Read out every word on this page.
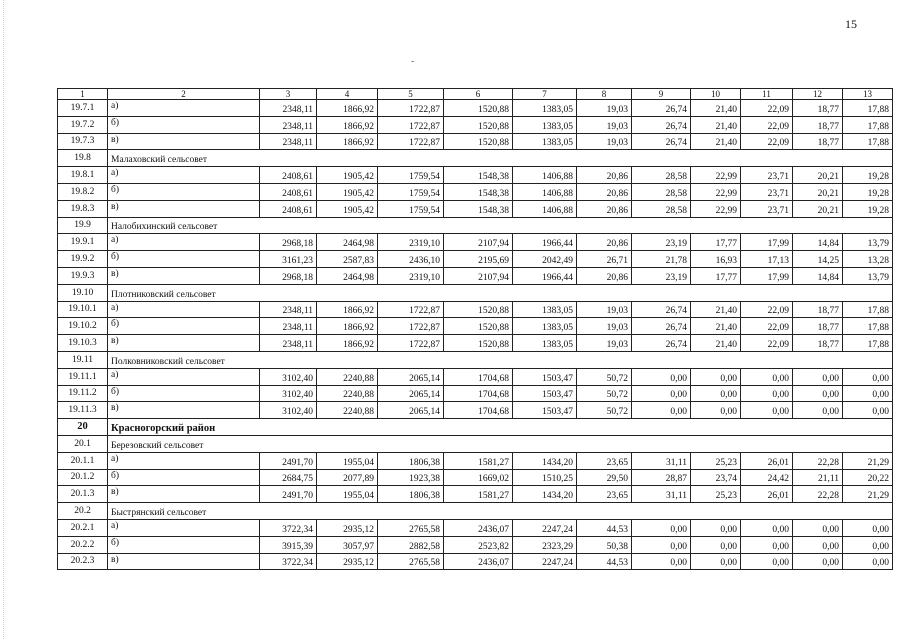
15
-
1	2	3	4	5	6	7	8	9	10	11	12	13
19.7.1	а)	2348,11	1866,92	1722,87	1520,88	1383,05	19,03	26,74	21,40	22,09	18,77	17,88
19.7.2	б)	2348,11	1866,92	1722,87	1520,88	1383,05	19,03	26,74	21,40	22,09	18,77	17,88
19.7.3	в)	2348,11	1866,92	1722,87	1520,88	1383,05	19,03	26,74	21,40	22,09	18,77	17,88
19.8	Малаховский сельсовет											
19.8.1	а)	2408,61	1905,42	1759,54	1548,38	1406,88	20,86	28,58	22,99	23,71	20,21	19,28
19.8.2	б)	2408,61	1905,42	1759,54	1548,38	1406,88	20,86	28,58	22,99	23,71	20,21	19,28
19.8.3	в)	2408,61	1905,42	1759,54	1548,38	1406,88	20,86	28,58	22,99	23,71	20,21	19,28
19.9	Налобихинский сельсовет											
19.9.1	а)	2968,18	2464,98	2319,10	2107,94	1966,44	20,86	23,19	17,77	17,99	14,84	13,79
19.9.2	б)	3161,23	2587,83	2436,10	2195,69	2042,49	26,71	21,78	16,93	17,13	14,25	13,28
19.9.3	в)	2968,18	2464,98	2319,10	2107,94	1966,44	20,86	23,19	17,77	17,99	14,84	13,79
19.10	Плотниковский сельсовет											
19.10.1	а)	2348,11	1866,92	1722,87	1520,88	1383,05	19,03	26,74	21,40	22,09	18,77	17,88
19.10.2	б)	2348,11	1866,92	1722,87	1520,88	1383,05	19,03	26,74	21,40	22,09	18,77	17,88
19.10.3	в)	2348,11	1866,92	1722,87	1520,88	1383,05	19,03	26,74	21,40	22,09	18,77	17,88
19.11	Полковниковский сельсовет											
19.11.1	а)	3102,40	2240,88	2065,14	1704,68	1503,47	50,72	0,00	0,00	0,00	0,00	0,00
19.11.2	б)	3102,40	2240,88	2065,14	1704,68	1503,47	50,72	0,00	0,00	0,00	0,00	0,00
19.11.3	в)	3102,40	2240,88	2065,14	1704,68	1503,47	50,72	0,00	0,00	0,00	0,00	0,00
20	Красногорский район											
20.1	Березовский сельсовет											
20.1.1	а)	2491,70	1955,04	1806,38	1581,27	1434,20	23,65	31,11	25,23	26,01	22,28	21,29
20.1.2	б)	2684,75	2077,89	1923,38	1669,02	1510,25	29,50	28,87	23,74	24,42	21,11	20,22
20.1.3	в)	2491,70	1955,04	1806,38	1581,27	1434,20	23,65	31,11	25,23	26,01	22,28	21,29
20.2	Быстрянский сельсовет											
20.2.1	а)	3722,34	2935,12	2765,58	2436,07	2247,24	44,53	0,00	0,00	0,00	0,00	0,00
20.2.2	б)	3915,39	3057,97	2882,58	2523,82	2323,29	50,38	0,00	0,00	0,00	0,00	0,00
20.2.3	в)	3722,34	2935,12	2765,58	2436,07	2247,24	44,53	0,00	0,00	0,00	0,00	0,00
